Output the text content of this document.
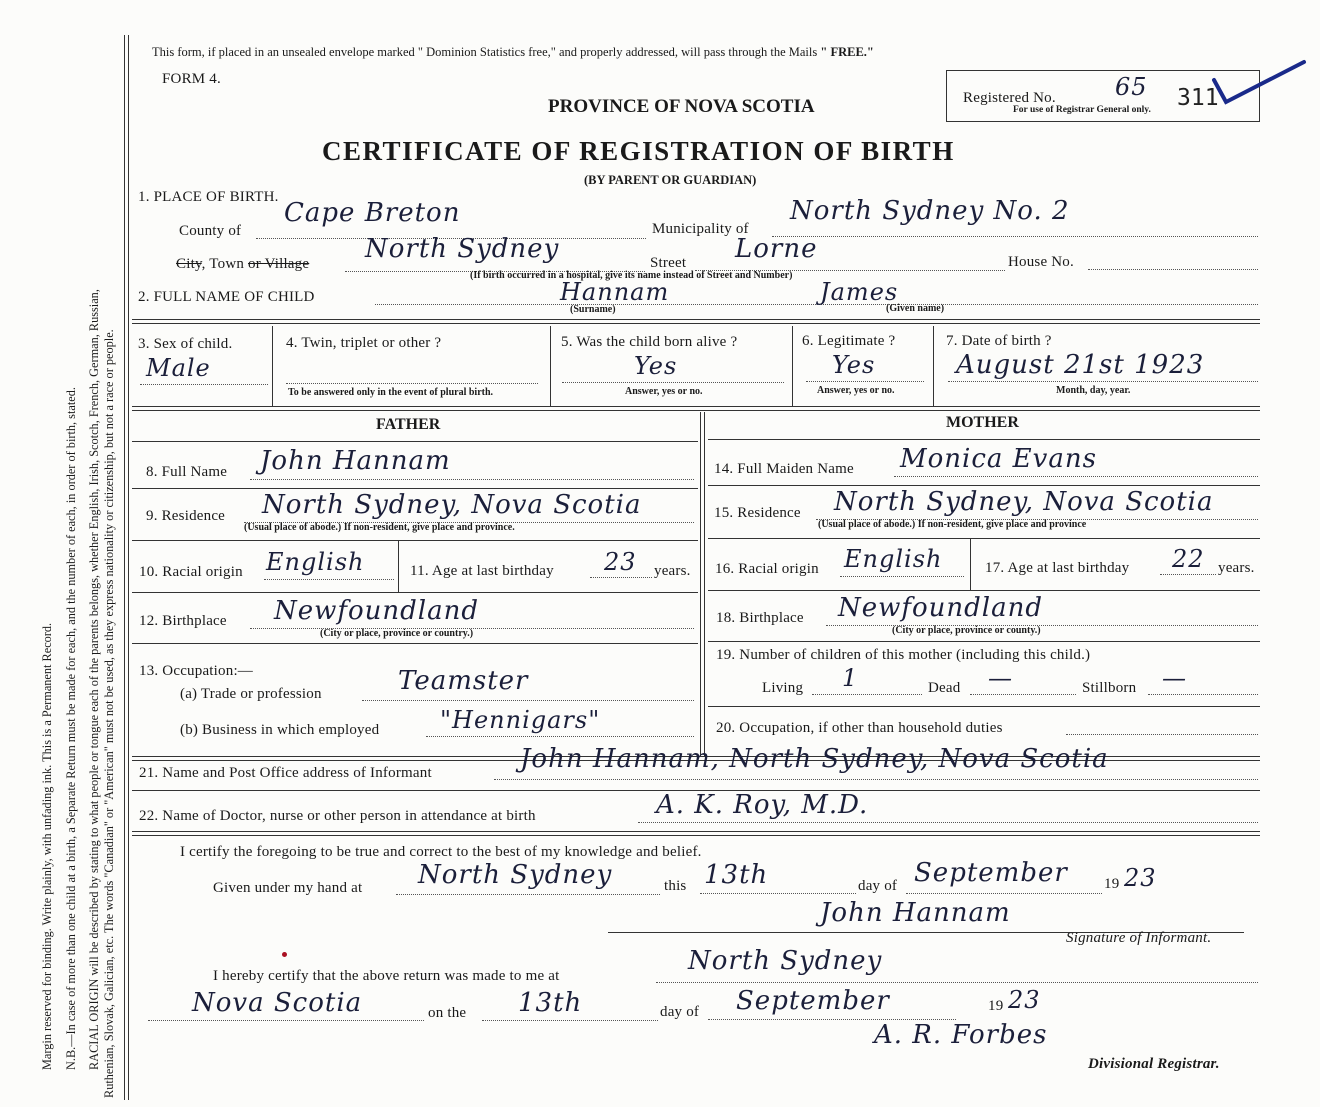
Margin reserved for binding. Write plainly, with unfading ink. This is a Permanent Record. N.B.—In case of more than one child at a birth, a Separate Return must be made for each, and the number of each, in order of birth, stated. RACIAL ORIGIN will be described by stating to what people or tongue each of the parents belongs, whether English, Irish, Scotch, French, German, Russian, Ruthenian, Slovak, Galician, etc. The words "Canadian" or "American" must not be used, as they express nationality or citizenship, but not a race or people.
This form, if placed in an unsealed envelope marked " Dominion Statistics free," and properly addressed, will pass through the Mails " FREE."
FORM 4.
PROVINCE OF NOVA SCOTIA
CERTIFICATE OF REGISTRATION OF BIRTH
(BY PARENT OR GUARDIAN)
Registered No. 65 311
For use of Registrar General only.
1. PLACE OF BIRTH.
County of
Cape Breton
Municipality of
North Sydney No. 2
City, Town or Village North Sydney	Street Lorne	House No.
(If birth occurred in a hospital, give its name instead of Street and Number)
2. FULL NAME OF CHILD	Hannam	James
(Surname)	(Given name)
3. Sex of child.
Male
4. Twin, triplet or other ?
To be answered only in the event of plural birth.
5. Was the child born alive ?
Yes
Answer, yes or no.
6. Legitimate ?
Yes
Answer, yes or no.
7. Date of birth ?
August 21st 1923
Month, day, year.
FATHER	MOTHER
8. Full Name John Hannam	14. Full Maiden Name Monica Evans
9. Residence North Sydney, Nova Scotia
(Usual place of abode.) If non-resident, give place and province.
15. Residence North Sydney, Nova Scotia
(Usual place of abode.) If non-resident, give place and province
10. Racial origin English	11. Age at last birthday 23 years. 16. Racial origin English	17. Age at last birthday 22 years.
12. Birthplace Newfoundland
(City or place, province or country.)
18. Birthplace Newfoundland
(City or place, province or county.)
13. Occupation:—
(a) Trade or profession	Teamster
(b) Business in which employed	"Hennigars"
19. Number of children of this mother (including this child.)
Living 1	Dead —	Stillborn —
20. Occupation, if other than household duties
21. Name and Post Office address of Informant	John Hannam, North Sydney, Nova Scotia
22. Name of Doctor, nurse or other person in attendance at birth	A. K. Roy, M.D.
I certify the foregoing to be true and correct to the best of my knowledge and belief.
Given under my hand at North Sydney	this 13th	day of September 19 23
John Hannam
Signature of Informant.
I hereby certify that the above return was made to me at	North Sydney
Nova Scotia	on the 13th	day of September	19 23
A. R. Forbes
Divisional Registrar.
